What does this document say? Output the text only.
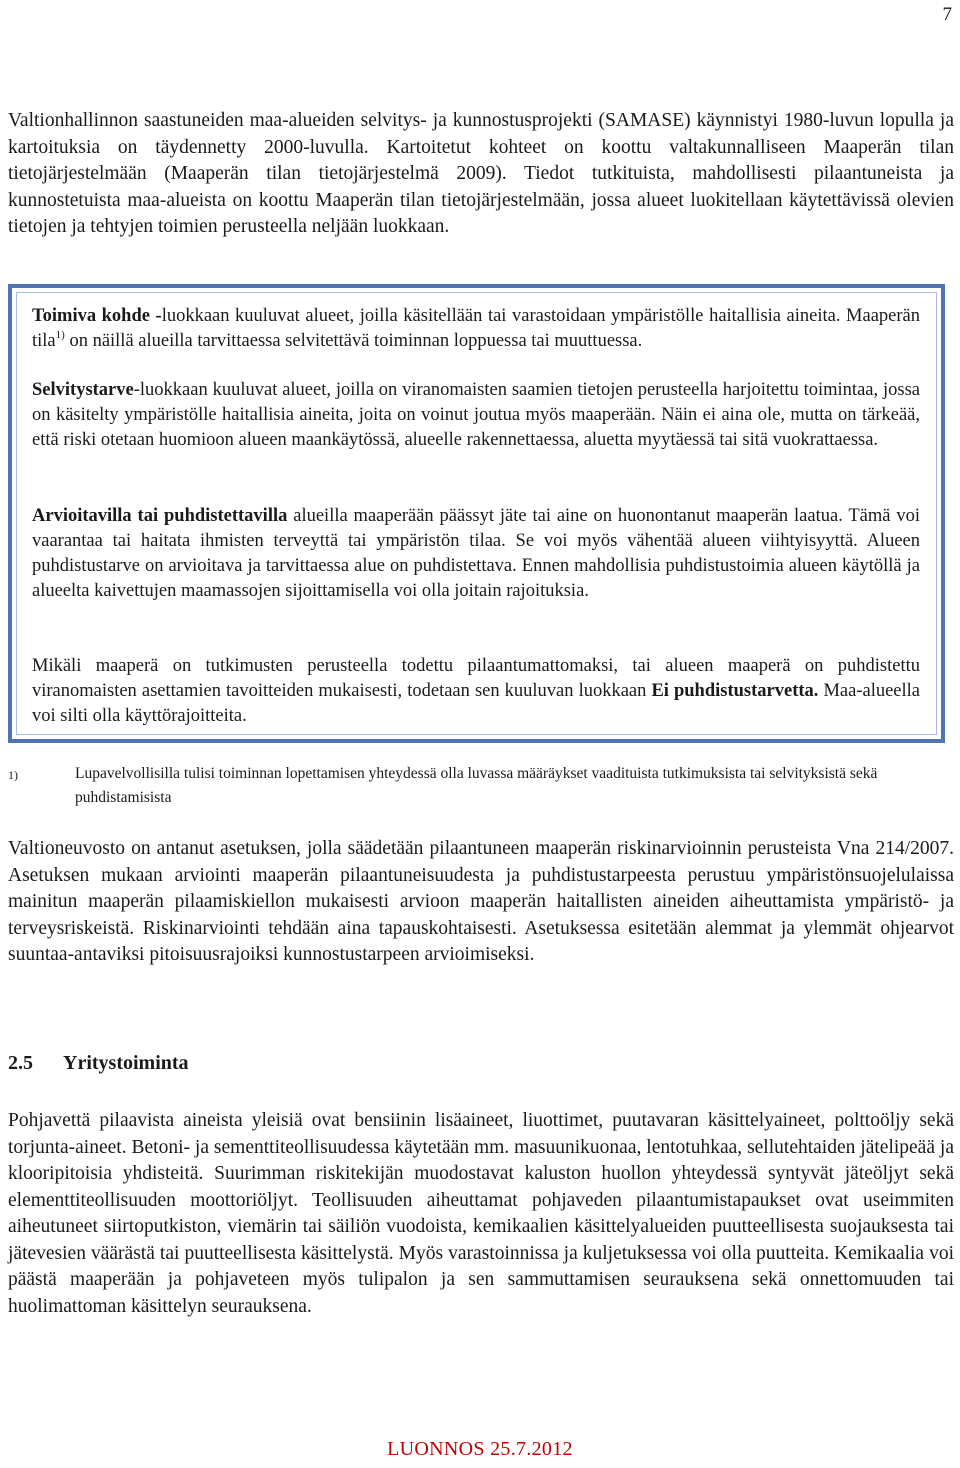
7

Valtionhallinnon saastuneiden maa-alueiden selvitys- ja kunnostusprojekti (SAMASE) käynnistyi 1980-luvun lopulla ja kartoituksia on täydennetty 2000-luvulla. Kartoitetut kohteet on koottu valtakunnalliseen Maaperän tilan tietojärjestelmään (Maaperän tilan tietojärjestelmä 2009). Tiedot tutkituista, mahdollisesti pilaantuneista ja kunnostetuista maa-alueista on koottu Maaperän tilan tietojärjestelmään, jossa alueet luokitellaan käytettävissä olevien tietojen ja tehtyjen toimien perusteella neljään luokkaan.

Toimiva kohde -luokkaan kuuluvat alueet, joilla käsitellään tai varastoidaan ympäristölle haitallisia aineita. Maaperän tila$^{1)}$ on näillä alueilla tarvittaessa selvitettävä toiminnan loppuessa tai muuttuessa.

Selvitystarve-luokkaan kuuluvat alueet, joilla on viranomaisten saamien tietojen perusteella harjoitettu toimintaa, jossa on käsitelty ympäristölle haitallisia aineita, joita on voinut joutua myös maaperään. Näin ei aina ole, mutta on tärkeää, että riski otetaan huomioon alueen maankäytössä, alueelle rakennettaessa, aluetta myytäessä tai sitä vuokrattaessa.

Arvioitavilla tai puhdistettavilla alueilla maaperään päässyt jäte tai aine on huonontanut maaperän laatua. Tämä voi vaarantaa tai haitata ihmisten terveyttä tai ympäristön tilaa. Se voi myös vähentää alueen viihtyisyyttä. Alueen puhdistustarve on arvioitava ja tarvittaessa alue on puhdistettava. Ennen mahdollisia puhdistustoimia alueen käytöllä ja alueelta kaivettujen maamassojen sijoittamisella voi olla joitain rajoituksia.

Mikäli maaperä on tutkimusten perusteella todettu pilaantumattomaksi, tai alueen maaperä on puhdistettu viranomaisten asettamien tavoitteiden mukaisesti, todetaan sen kuuluvan luokkaan Ei puhdistustarvetta. Maa-alueella voi silti olla käyttörajoitteita.

1)	Lupavelvollisilla tulisi toiminnan lopettamisen yhteydessä olla luvassa määräykset vaadituista tutkimuksista tai selvityksistä sekä puhdistamisista

Valtioneuvosto on antanut asetuksen, jolla säädetään pilaantuneen maaperän riskinarvioinnin perusteista Vna 214/2007. Asetuksen mukaan arviointi maaperän pilaantuneisuudesta ja puhdistustarpeesta perustuu ympäristönsuojelulaissa mainitun maaperän pilaamiskiellon mukaisesti arvioon maaperän haitallisten aineiden aiheuttamista ympäristö- ja terveysriskeistä. Riskinarviointi tehdään aina tapauskohtaisesti. Asetuksessa esitetään alemmat ja ylemmät ohjearvot suuntaa-antaviksi pitoisuusrajoiksi kunnostustarpeen arvioimiseksi.

2.5 Yritystoiminta

Pohjavettä pilaavista aineista yleisiä ovat bensiinin lisäaineet, liuottimet, puutavaran käsittelyaineet, polttoöljy sekä torjunta-aineet. Betoni- ja sementtiteollisuudessa käytetään mm. masuunikuonaa, lentotuhkaa, sellutehtaiden jätelipeää ja klooripitoisia yhdisteitä. Suurimman riskitekijän muodostavat kaluston huollon yhteydessä syntyvät jäteöljyt sekä elementtiteollisuuden moottoriöljyt. Teollisuuden aiheuttamat pohjaveden pilaantumistapaukset ovat useimmiten aiheutuneet siirtoputkiston, viemärin tai säiliön vuodoista, kemikaalien käsittelyalueiden puutteellisesta suojauksesta tai jätevesien väärästä tai puutteellisesta käsittelystä. Myös varastoinnissa ja kuljetuksessa voi olla puutteita. Kemikaalia voi päästä maaperään ja pohjaveteen myös tulipalon ja sen sammuttamisen seurauksena sekä onnettomuuden tai huolimattoman käsittelyn seurauksena.

LUONNOS 25.7.2012
